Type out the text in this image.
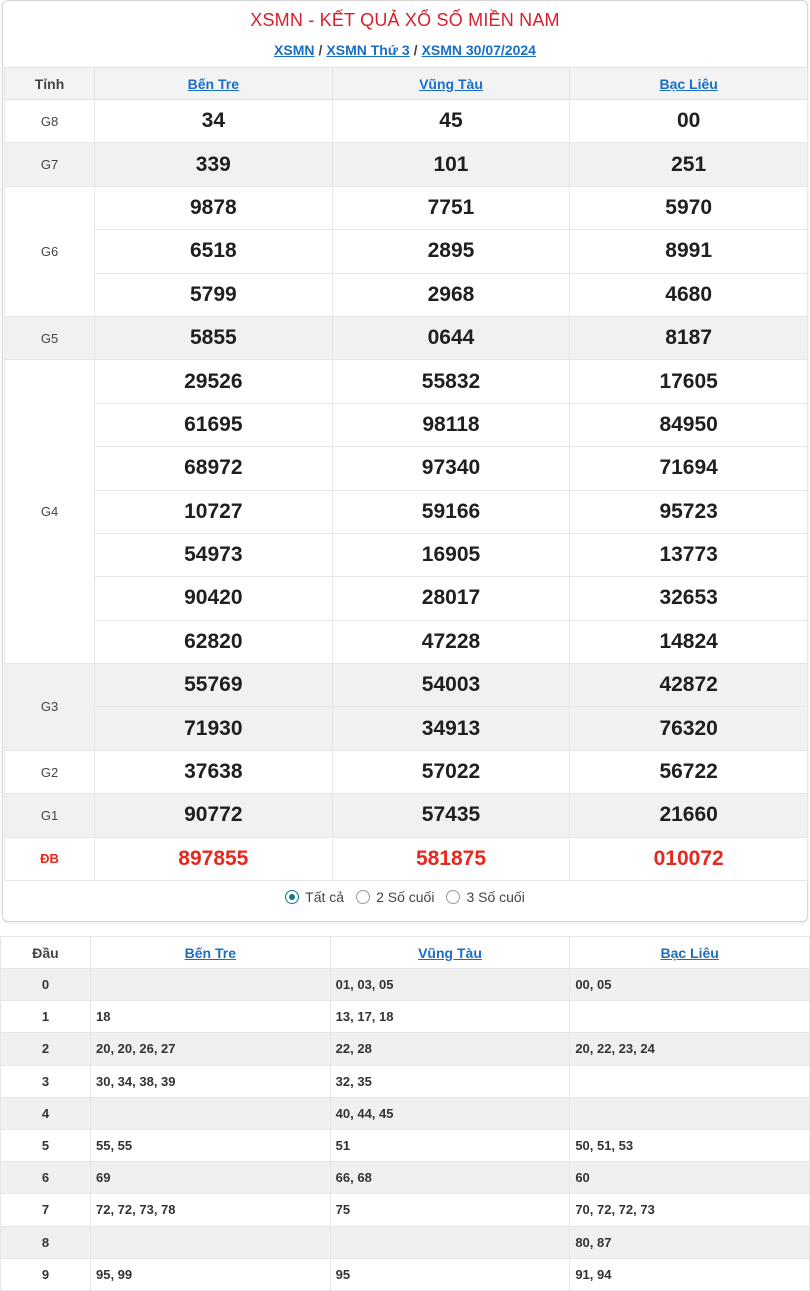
XSMN - KẾT QUẢ XỔ SỐ MIỀN NAM
XSMN / XSMN Thứ 3 / XSMN 30/07/2024
Tỉnh	Bến Tre	Vũng Tàu	Bạc Liêu
G8	34	45	00
G7	339	101	251
G6	9878	7751	5970
	6518	2895	8991
	5799	2968	4680
G5	5855	0644	8187
G4	29526	55832	17605
	61695	98118	84950
	68972	97340	71694
	10727	59166	95723
	54973	16905	13773
	90420	28017	32653
	62820	47228	14824
G3	55769	54003	42872
	71930	34913	76320
G2	37638	57022	56722
G1	90772	57435	21660
ĐB	897855	581875	010072
Tất cả 2 Số cuối 3 Số cuối
Đầu	Bến Tre	Vũng Tàu	Bạc Liêu
0		01, 03, 05	00, 05
1	18	13, 17, 18	
2	20, 20, 26, 27	22, 28	20, 22, 23, 24
3	30, 34, 38, 39	32, 35	
4		40, 44, 45	
5	55, 55	51	50, 51, 53
6	69	66, 68	60
7	72, 72, 73, 78	75	70, 72, 72, 73
8			80, 87
9	95, 99	95	91, 94
